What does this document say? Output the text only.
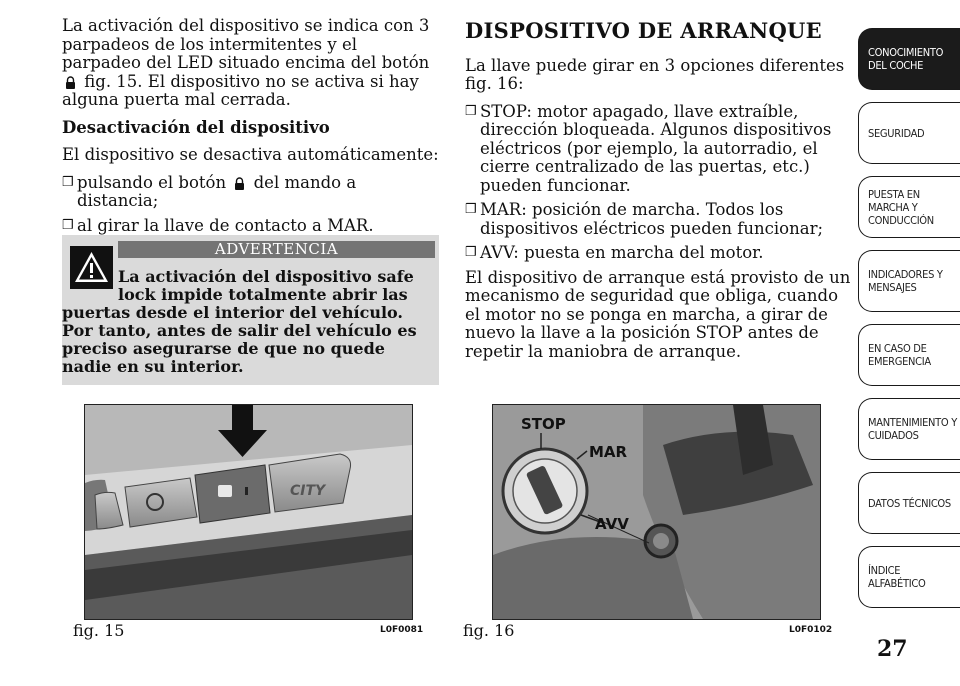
La activación del dispositivo se indica con 3 parpadeos de los intermitentes y el parpadeo del LED situado encima del botón  fig. 15. El dispositivo no se activa si hay alguna puerta mal cerrada.

Desactivación del dispositivo

El dispositivo se desactiva automáticamente:

❒ pulsando el botón del mando a distancia;
❒ al girar la llave de contacto a MAR.
ADVERTENCIA
La activación del dispositivo safe
lock impide totalmente abrir las
puertas desde el interior del vehículo. Por tanto, antes de salir del vehículo es preciso asegurarse de que no quede nadie en su interior.
DISPOSITIVO DE ARRANQUE

La llave puede girar en 3 opciones diferentes fig. 16:

❒ STOP: motor apagado, llave extraíble, dirección bloqueada. Algunos dispositivos eléctricos (por ejemplo, la autorradio, el cierre centralizado de las puertas, etc.) pueden funcionar.
❒ MAR: posición de marcha. Todos los dispositivos eléctricos pueden funcionar;
❒ AVV: puesta en marcha del motor.

El dispositivo de arranque está provisto de un mecanismo de seguridad que obliga, cuando el motor no se ponga en marcha, a girar de nuevo la llave a la posición STOP antes de repetir la maniobra de arranque.

CITY
fig. 15	L0F0081
STOP
MAR
AVV
fig. 16	L0F0102
CONOCIMIENTO
DEL COCHE
SEGURIDAD
PUESTA EN
MARCHA Y
CONDUCCIÓN
INDICADORES Y
MENSAJES
EN CASO DE
EMERGENCIA
MANTENIMIENTO Y
CUIDADOS
DATOS TÉCNICOS
ÍNDICE
ALFABÉTICO
27
